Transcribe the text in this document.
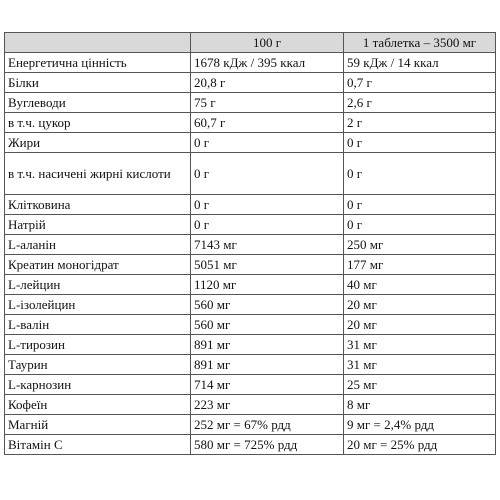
	100 г	1 таблетка – 3500 мг
Енергетична цінність	1678 кДж / 395 ккал	59 кДж / 14 ккал
Білки	20,8 г	0,7 г
Вуглеводи	75 г	2,6 г
в т.ч. цукор	60,7 г	2 г
Жири	0 г	0 г
в т.ч. насичені жирні кислоти	0 г	0 г
Клітковина	0 г	0 г
Натрій	0 г	0 г
L-аланін	7143 мг	250 мг
Креатин моногідрат	5051 мг	177 мг
L-лейцин	1120 мг	40 мг
L-ізолейцин	560 мг	20 мг
L-валін	560 мг	20 мг
L-тирозин	891 мг	31 мг
Таурин	891 мг	31 мг
L-карнозин	714 мг	25 мг
Кофеїн	223 мг	8 мг
Магній	252 мг = 67% рдд	9 мг = 2,4% рдд
Вітамін С	580 мг = 725% рдд	20 мг = 25% рдд
